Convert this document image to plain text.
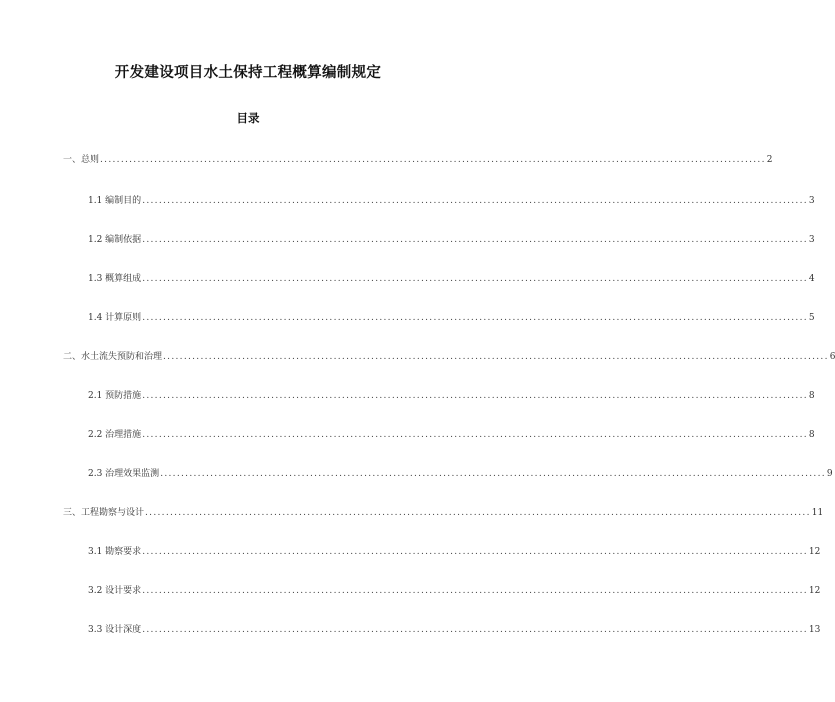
开发建设项目水土保持工程概算编制规定
目录
一、总则 ................................................................................................................................................................ 2
1.1 编制目的 ................................................................................................................................................................ 3
1.2 编制依据 ................................................................................................................................................................ 3
1.3 概算组成 ................................................................................................................................................................ 4
1.4 计算原则 ................................................................................................................................................................ 5
二、水土流失预防和治理 ................................................................................................................................................................ 6
2.1 预防措施 ................................................................................................................................................................ 8
2.2 治理措施 ................................................................................................................................................................ 8
2.3 治理效果监测 ................................................................................................................................................................ 9
三、工程勘察与设计 ................................................................................................................................................................ 11
3.1 勘察要求 ................................................................................................................................................................ 12
3.2 设计要求 ................................................................................................................................................................ 12
3.3 设计深度 ................................................................................................................................................................ 13
